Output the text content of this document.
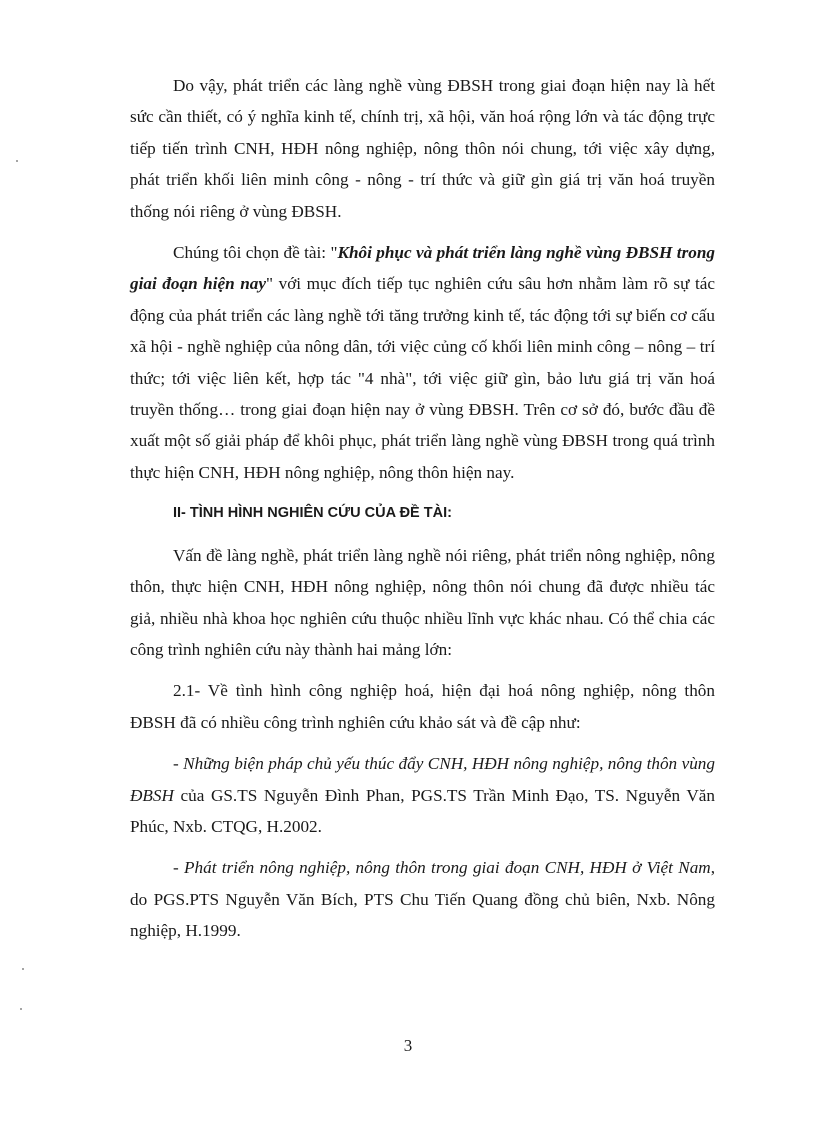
Do vậy, phát triển các làng nghề vùng ĐBSH trong giai đoạn hiện nay là hết sức cần thiết, có ý nghĩa kinh tế, chính trị, xã hội, văn hoá rộng lớn và tác động trực tiếp tiến trình CNH, HĐH nông nghiệp, nông thôn nói chung, tới việc xây dựng, phát triển khối liên minh công - nông - trí thức và giữ gìn giá trị văn hoá truyền thống nói riêng ở vùng ĐBSH.

Chúng tôi chọn đề tài: "Khôi phục và phát triển làng nghề vùng ĐBSH trong giai đoạn hiện nay" với mục đích tiếp tục nghiên cứu sâu hơn nhằm làm rõ sự tác động của phát triển các làng nghề tới tăng trưởng kinh tế, tác động tới sự biến cơ cấu xã hội - nghề nghiệp của nông dân, tới việc củng cố khối liên minh công – nông – trí thức; tới việc liên kết, hợp tác "4 nhà", tới việc giữ gìn, bảo lưu giá trị văn hoá truyền thống… trong giai đoạn hiện nay ở vùng ĐBSH. Trên cơ sở đó, bước đầu đề xuất một số giải pháp để khôi phục, phát triển làng nghề vùng ĐBSH trong quá trình thực hiện CNH, HĐH nông nghiệp, nông thôn hiện nay.

II- TÌNH HÌNH NGHIÊN CỨU CỦA ĐỀ TÀI:

Vấn đề làng nghề, phát triển làng nghề nói riêng, phát triển nông nghiệp, nông thôn, thực hiện CNH, HĐH nông nghiệp, nông thôn nói chung đã được nhiều tác giả, nhiều nhà khoa học nghiên cứu thuộc nhiều lĩnh vực khác nhau. Có thể chia các công trình nghiên cứu này thành hai mảng lớn:

2.1- Về tình hình công nghiệp hoá, hiện đại hoá nông nghiệp, nông thôn ĐBSH đã có nhiều công trình nghiên cứu khảo sát và đề cập như:

- Những biện pháp chủ yếu thúc đẩy CNH, HĐH nông nghiệp, nông thôn vùng ĐBSH của GS.TS Nguyễn Đình Phan, PGS.TS Trần Minh Đạo, TS. Nguyễn Văn Phúc, Nxb. CTQG, H.2002.

- Phát triển nông nghiệp, nông thôn trong giai đoạn CNH, HĐH ở Việt Nam, do PGS.PTS Nguyễn Văn Bích, PTS Chu Tiến Quang đồng chủ biên, Nxb. Nông nghiệp, H.1999.

3
